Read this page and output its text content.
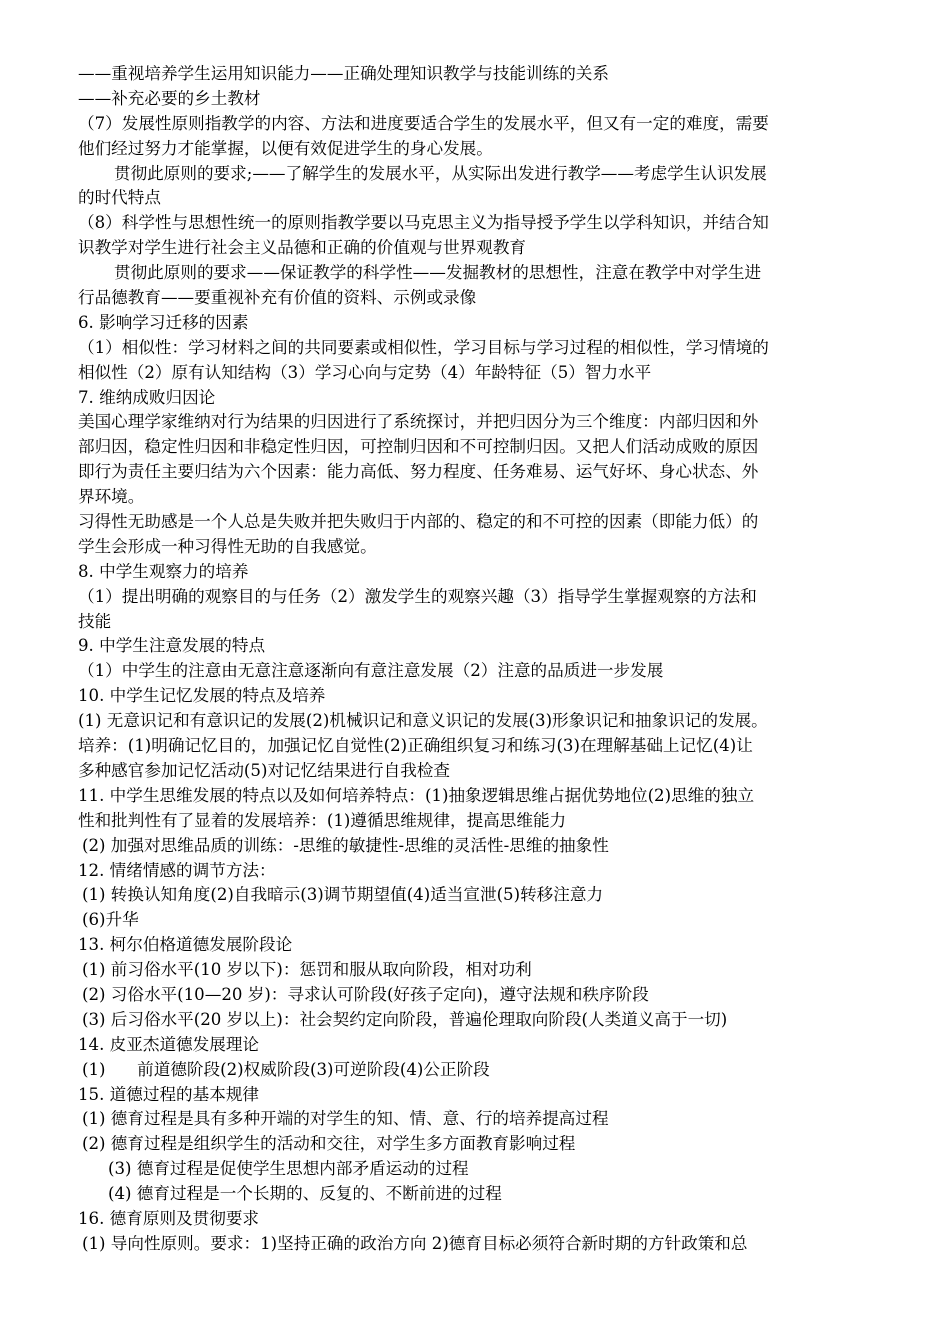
——重视培养学生运用知识能力——正确处理知识教学与技能训练的关系
——补充必要的乡土教材
（7）发展性原则指教学的内容、方法和进度要适合学生的发展水平，但又有一定的难度，需要
他们经过努力才能掌握，以便有效促进学生的身心发展。
贯彻此原则的要求;——了解学生的发展水平，从实际出发进行教学——考虑学生认识发展
的时代特点
（8）科学性与思想性统一的原则指教学要以马克思主义为指导授予学生以学科知识，并结合知
识教学对学生进行社会主义品德和正确的价值观与世界观教育
贯彻此原则的要求——保证教学的科学性——发掘教材的思想性，注意在教学中对学生进
行品德教育——要重视补充有价值的资料、示例或录像
6. 影响学习迁移的因素
（1）相似性：学习材料之间的共同要素或相似性，学习目标与学习过程的相似性，学习情境的
相似性（2）原有认知结构（3）学习心向与定势（4）年龄特征（5）智力水平
7. 维纳成败归因论
美国心理学家维纳对行为结果的归因进行了系统探讨，并把归因分为三个维度：内部归因和外
部归因，稳定性归因和非稳定性归因，可控制归因和不可控制归因。又把人们活动成败的原因
即行为责任主要归结为六个因素：能力高低、努力程度、任务难易、运气好坏、身心状态、外
界环境。
习得性无助感是一个人总是失败并把失败归于内部的、稳定的和不可控的因素（即能力低）的
学生会形成一种习得性无助的自我感觉。
8. 中学生观察力的培养
（1）提出明确的观察目的与任务（2）激发学生的观察兴趣（3）指导学生掌握观察的方法和
技能
9. 中学生注意发展的特点
（1）中学生的注意由无意注意逐渐向有意注意发展（2）注意的品质进一步发展
10. 中学生记忆发展的特点及培养
(1) 无意识记和有意识记的发展(2)机械识记和意义识记的发展(3)形象识记和抽象识记的发展。
培养：(1)明确记忆目的，加强记忆自觉性(2)正确组织复习和练习(3)在理解基础上记忆(4)让
多种感官参加记忆活动(5)对记忆结果进行自我检查
11. 中学生思维发展的特点以及如何培养特点：(1)抽象逻辑思维占据优势地位(2)思维的独立
性和批判性有了显着的发展培养：(1)遵循思维规律，提高思维能力
(2) 加强对思维品质的训练：-思维的敏捷性-思维的灵活性-思维的抽象性
12. 情绪情感的调节方法：
(1) 转换认知角度(2)自我暗示(3)调节期望值(4)适当宣泄(5)转移注意力
(6)升华
13. 柯尔伯格道德发展阶段论
(1) 前习俗水平(10 岁以下)：惩罚和服从取向阶段，相对功利
(2) 习俗水平(10—20 岁)：寻求认可阶段(好孩子定向)，遵守法规和秩序阶段
(3) 后习俗水平(20 岁以上)：社会契约定向阶段，普遍伦理取向阶段(人类道义高于一切)
14. 皮亚杰道德发展理论
(1)      前道德阶段(2)权威阶段(3)可逆阶段(4)公正阶段
15. 道德过程的基本规律
(1) 德育过程是具有多种开端的对学生的知、情、意、行的培养提高过程
(2) 德育过程是组织学生的活动和交往，对学生多方面教育影响过程
(3) 德育过程是促使学生思想内部矛盾运动的过程
(4) 德育过程是一个长期的、反复的、不断前进的过程
16. 德育原则及贯彻要求
(1) 导向性原则。要求：1)坚持正确的政治方向 2)德育目标必须符合新时期的方针政策和总
